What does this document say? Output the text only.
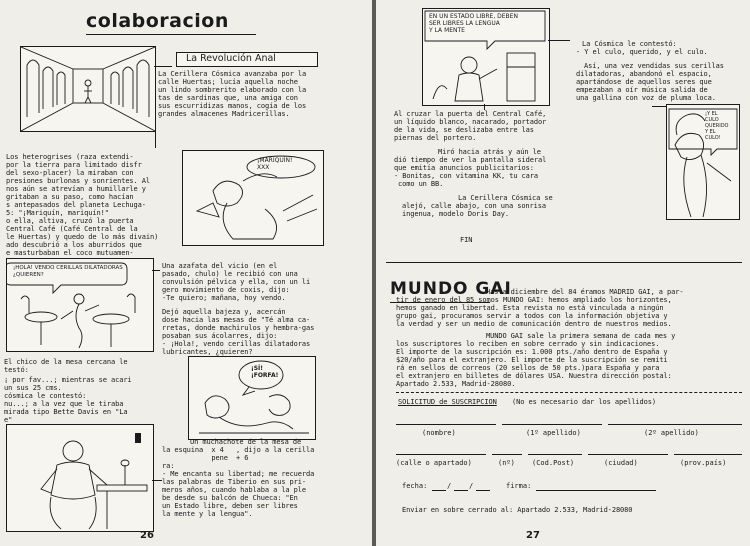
colaboracion
La Revolución Anal
La Cerillera Cósmica avanzaba por la
calle Huertas; lucía aquella noche
un lindo sombrerito elaborado con la
tas de sardinas que, una amiga con
sus escurridizas manos, cogía de los
grandes almacenes Madricerillas.
Los heterogrises (raza extendi-
por la tierra para limitado disfr
del sexo-placer) la miraban con
presiones burlonas y sonrientes. Al
nos aún se atrevían a humillarle y
gritaban a su paso, como hacían
s antepasados del planeta Lechuga-
5: "¡Mariquín, mariquín!"
o ella, altiva, cruzó la puerta
Central Café (Café Central de la
le Huertas) y quedo de lo más divain)
ado descubrió a los aburridos que
e masturbaban el coco mutuamen-
¡MARIQUÍN!
XXX
¡HOLA! VENDO CERILLAS DILATADORAS
¿QUIEREN?
Una azafata del vicio (en el
pasado, chulo) le recibió con una
convulsión pélvica y ella, con un li
gero movimiento de coxis, dijo:
-Te quiero; mañana, hoy vendo.
Dejó aquella bajeza y, acercán
dose hacia las mesas de "Té alma ca-
rretas, donde machirulos y hembra-gas
posaban sus ácolarres, dijo:
- ¡Hola!, vendo cerillas dilatadoras
lubricantes, ¿quieren?
El chico de la mesa cercana le
testó:
¡ por fav...; mientras se acari
un sus 25 cms.
cósmica le contestó:
nu...; a la vez que le tiraba
mirada tipo Bette Davis en "La
e"
¡SÍ!
¡FORFA!
Un muchachote de la mesa de
la esquina  x 4   , dijo a la cerilla
pene  + 6
ra:
- Me encanta su libertad; me recuerda
las palabras de Tiberio en sus pri-
meros años, cuando hablaba a la ple
be desde su balcón de Chueca: "En
un Estado libre, deben ser libres
la mente y la lengua".
26
EN UN ESTADO LIBRE, DEBEN
SER LIBRES LA LENGUA
Y LA MENTE
La Cósmica le contestó:
- Y el culo, querido, y el culo.
Así, una vez vendidas sus cerillas
dilatadoras, abandonó el espacio,
apartándose de aquellos seres que
empezaban a oír música salida de
una gallina con voz de pluma loca.
Al cruzar la puerta del Central Café,
un líquido blanco, nacarado, portador
de la vida, se deslizaba entre las
piernas del portero.
Miró hacia atrás y aún le
dió tiempo de ver la pantalla sideral
que emitía anuncios publicitarios:
- Bonitas, con vitamina KK, tu cara
como un BB.
La Cerillera Cósmica se
alejó, calle abajo, con una sonrisa
ingenua, modelo Doris Day.
¡Y EL
CULO
QUERIDO
Y EL
CULO!
FIN
MUNDO GAI
Hasta diciembre del 84 éramos MADRID GAI, a par-
tir de enero del 85 somos MUNDO GAI: hemos ampliado los horizontes,
hemos ganado en libertad. Esta revista no está vinculada a ningún
grupo gai, procuramos servir a todos con la información objetiva y
la verdad y ser un medio de comunicación dentro de nuestros medios.
MUNDO GAI sale la primera semana de cada mes y
los suscriptores lo reciben en sobre cerrado y sin indicaciones.
El importe de la suscripción es: 1.000 pts./año dentro de España y
$20/año para el extranjero. El importe de la suscripción se remiti
rá en sellos de correos (20 sellos de 50 pts.)para España y para
el extranjero en billetes de dólares USA. Nuestra dirección postal:
Apartado 2.533, Madrid-28080.
SOLICITUD de SUSCRIPCION (No es necesario dar los apellidos)
(nombre)	(1º apellido)	(2º apellido)
(calle o apartado)	(nº) (Cod.Post)	(ciudad)	(prov.país)
fecha:	/	/	firma:
Enviar en sobre cerrado al: Apartado 2.533, Madrid-28080
27
